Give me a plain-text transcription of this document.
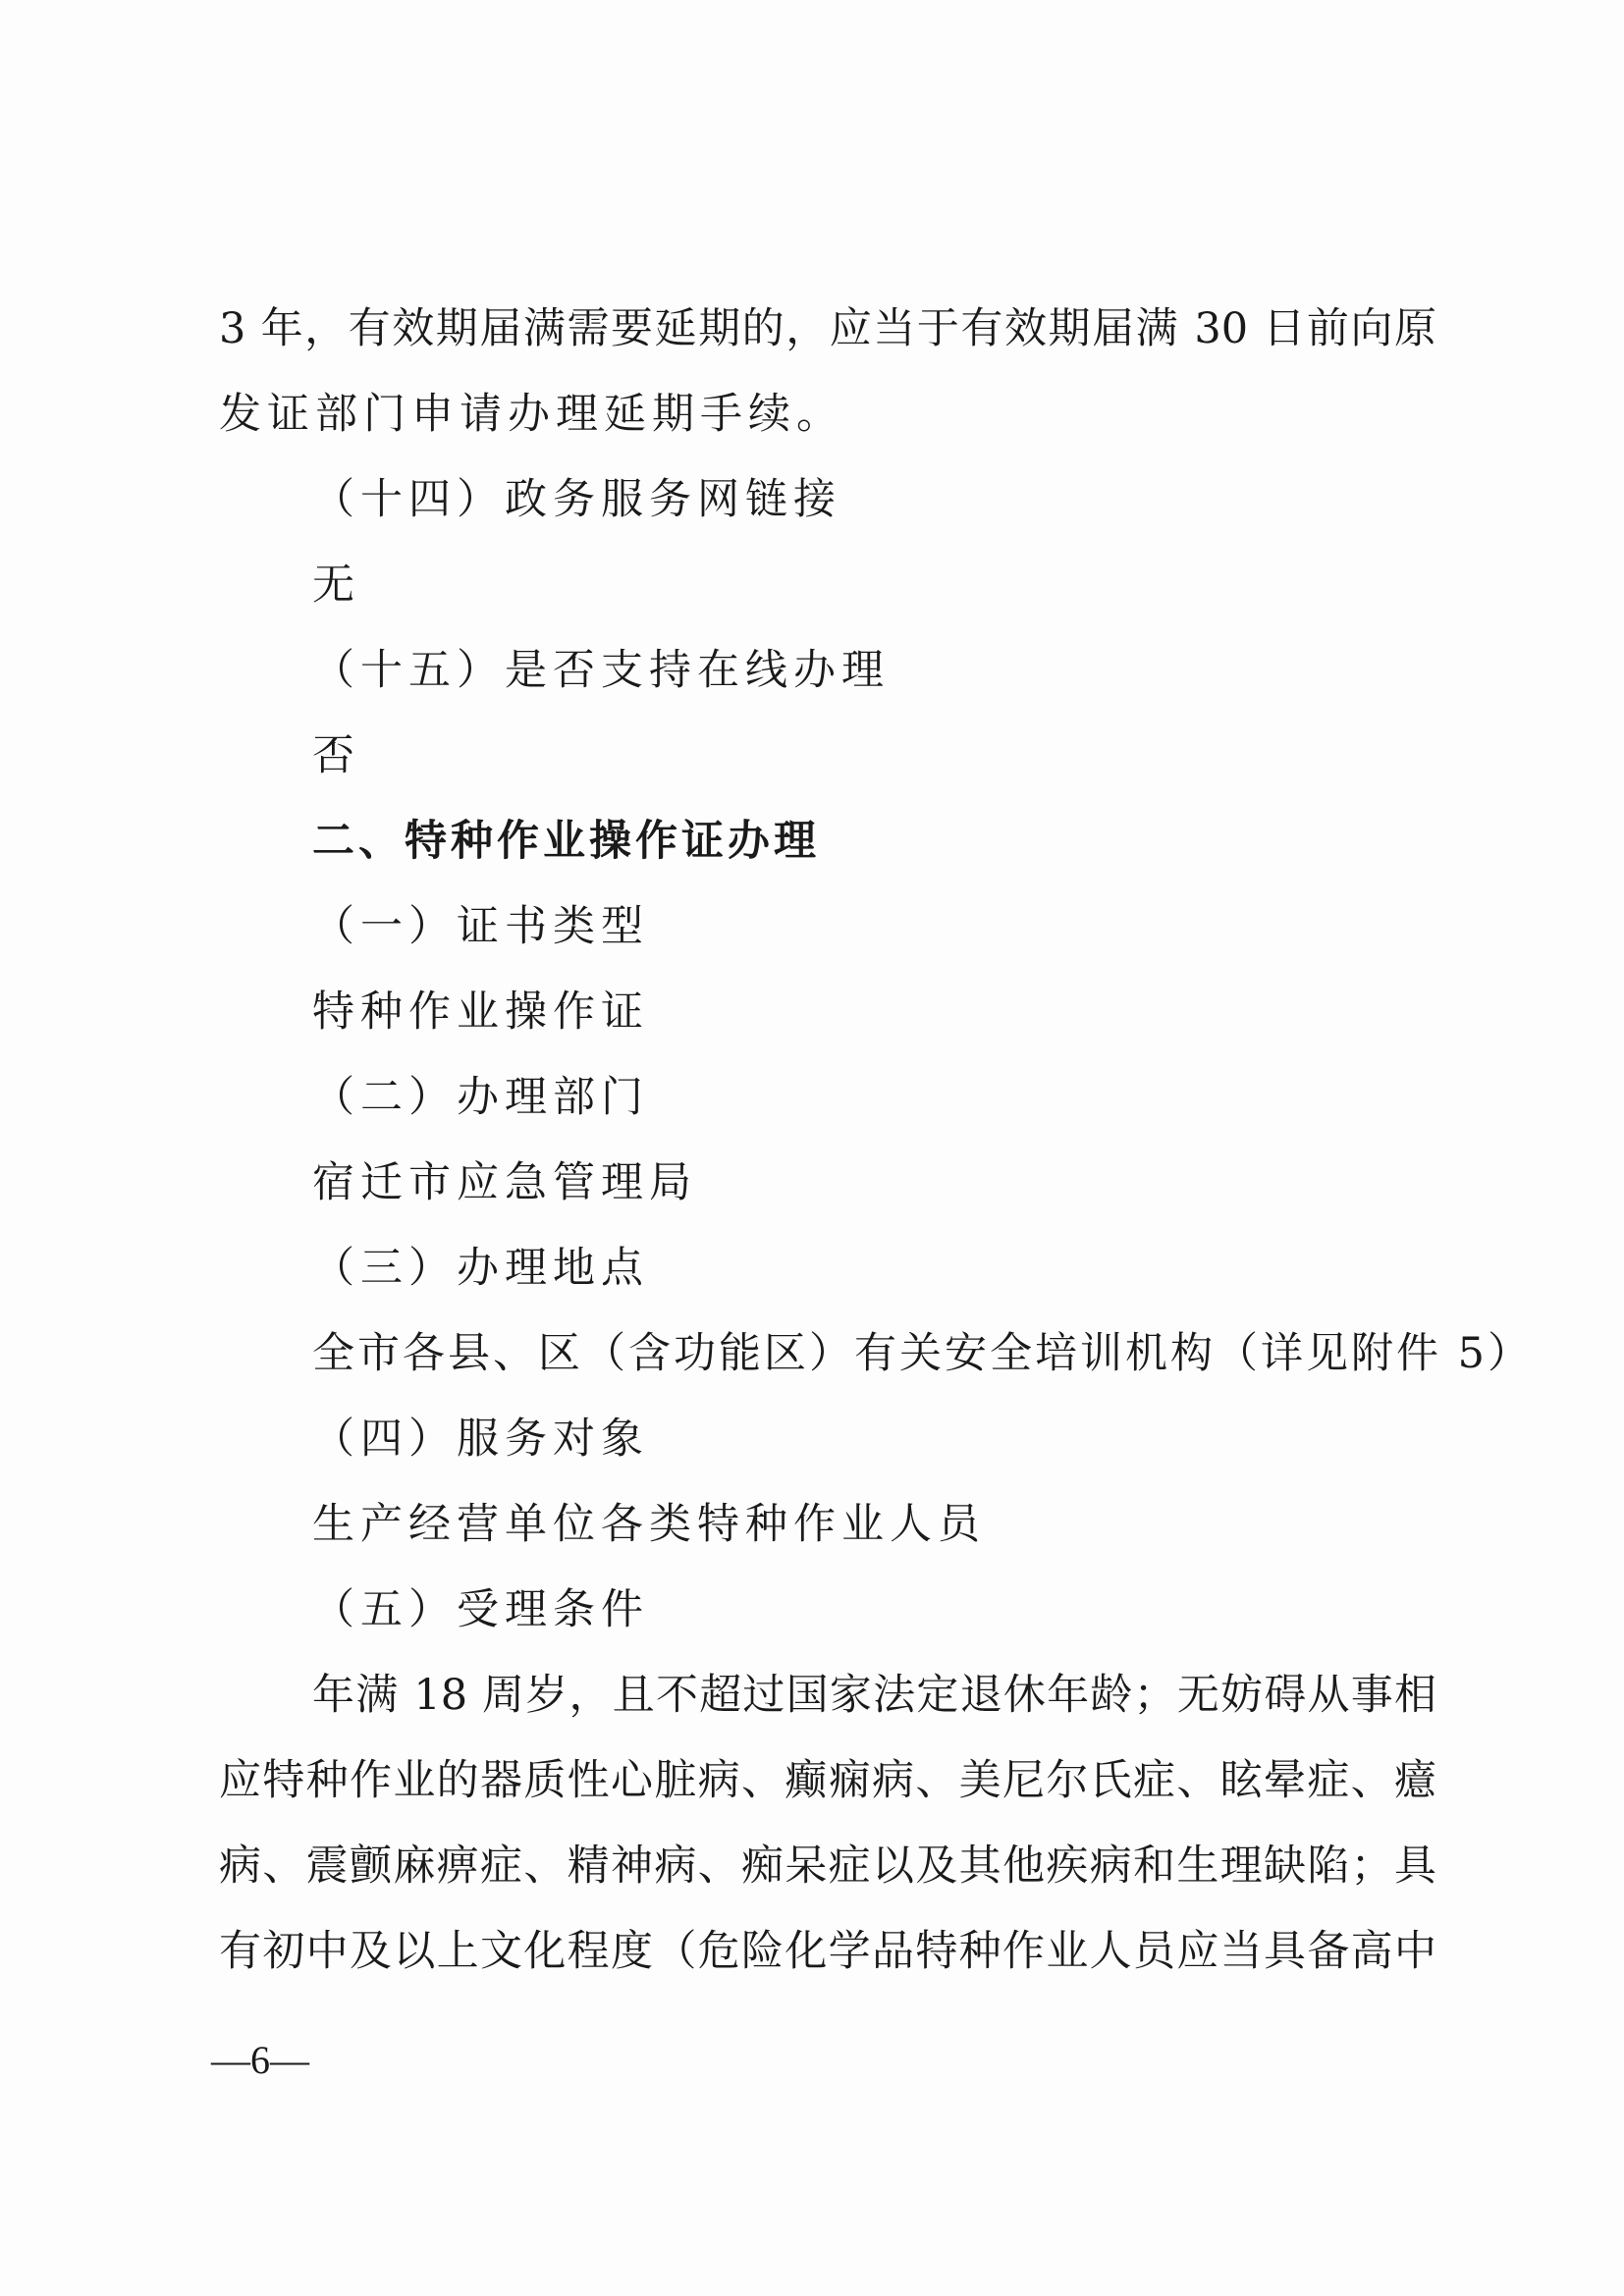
3 年，有效期届满需要延期的，应当于有效期届满 30 日前向原
发证部门申请办理延期手续。
（十四）政务服务网链接
无
（十五）是否支持在线办理
否
二、特种作业操作证办理
（一）证书类型
特种作业操作证
（二）办理部门
宿迁市应急管理局
（三）办理地点
全市各县、区（含功能区）有关安全培训机构（详见附件 5）
（四）服务对象
生产经营单位各类特种作业人员
（五）受理条件
年满 18 周岁，且不超过国家法定退休年龄；无妨碍从事相
应特种作业的器质性心脏病、癫痫病、美尼尔氏症、眩晕症、癔
病、震颤麻痹症、精神病、痴呆症以及其他疾病和生理缺陷；具
有初中及以上文化程度（危险化学品特种作业人员应当具备高中
—6—
